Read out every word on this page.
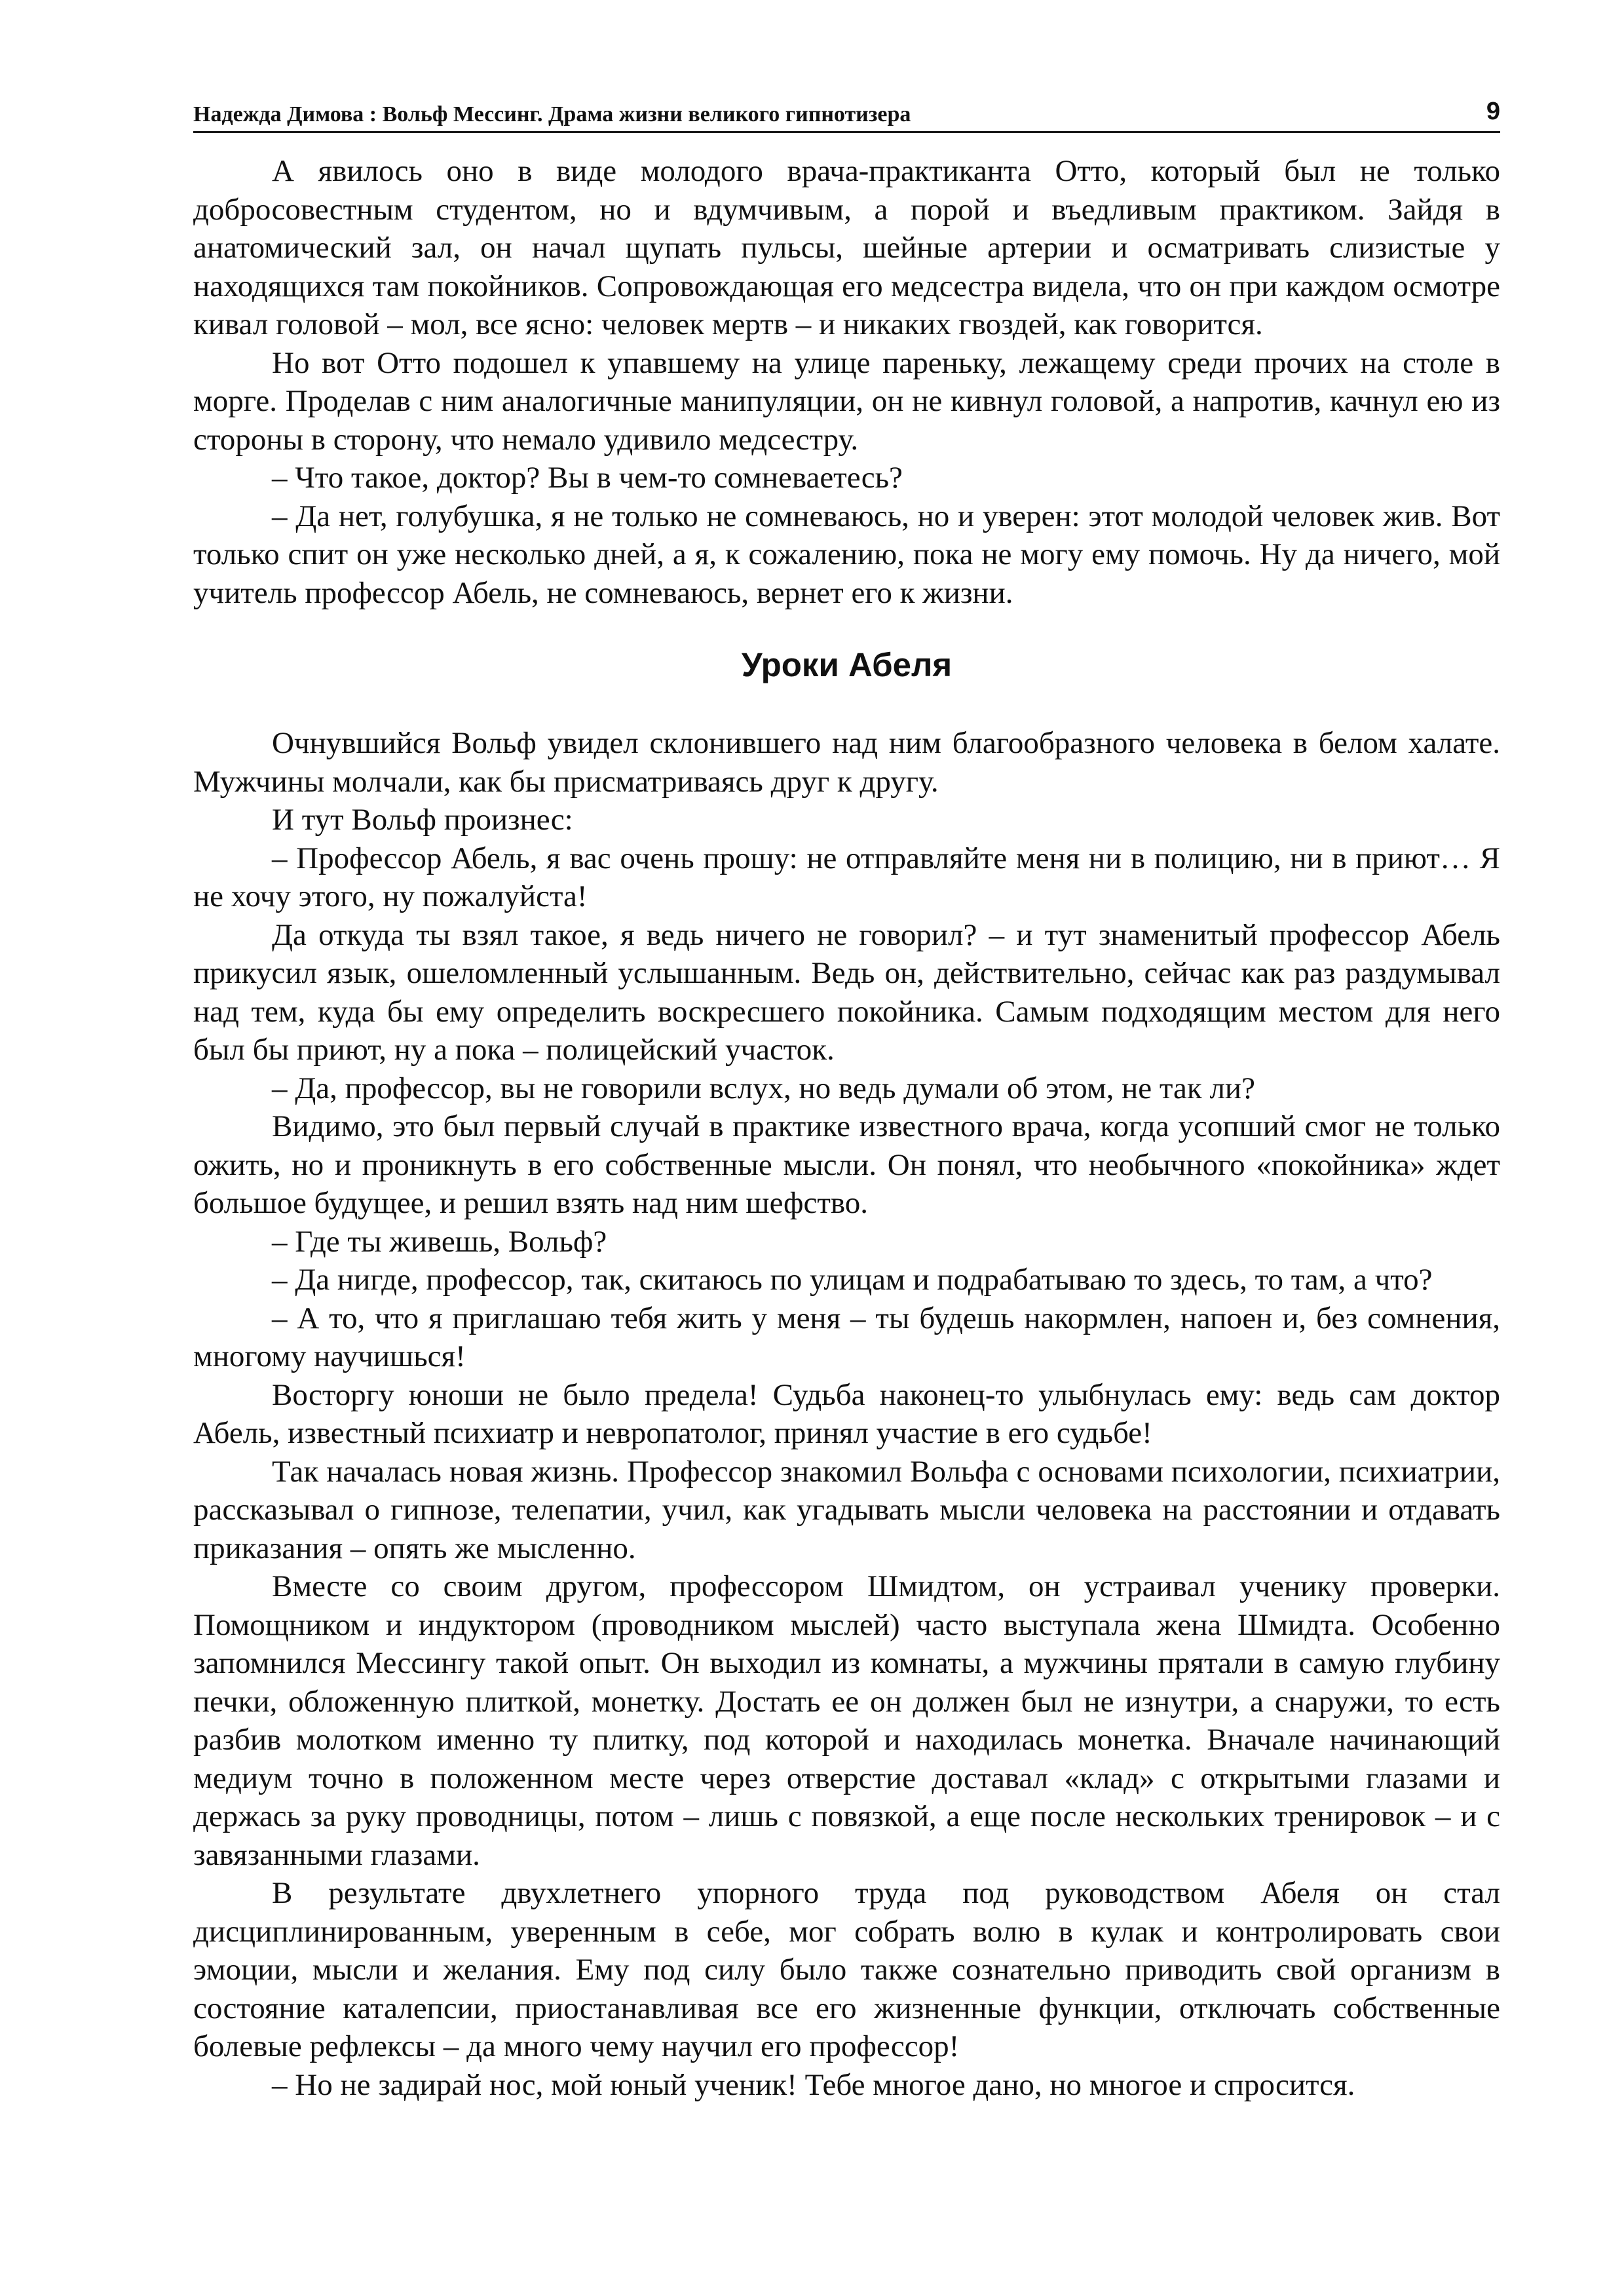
Надежда Димова : Вольф Мессинг. Драма жизни великого гипнотизера	9

А явилось оно в виде молодого врача-практиканта Отто, который был не только добросовестным студентом, но и вдумчивым, а порой и въедливым практиком. Зайдя в анатомический зал, он начал щупать пульсы, шейные артерии и осматривать слизистые у находящихся там покойников. Сопровождающая его медсестра видела, что он при каждом осмотре кивал головой – мол, все ясно: человек мертв – и никаких гвоздей, как говорится.

Но вот Отто подошел к упавшему на улице пареньку, лежащему среди прочих на столе в морге. Проделав с ним аналогичные манипуляции, он не кивнул головой, а напротив, качнул ею из стороны в сторону, что немало удивило медсестру.

– Что такое, доктор? Вы в чем-то сомневаетесь?

– Да нет, голубушка, я не только не сомневаюсь, но и уверен: этот молодой человек жив. Вот только спит он уже несколько дней, а я, к сожалению, пока не могу ему помочь. Ну да ничего, мой учитель профессор Абель, не сомневаюсь, вернет его к жизни.

Уроки Абеля

Очнувшийся Вольф увидел склонившего над ним благообразного человека в белом халате. Мужчины молчали, как бы присматриваясь друг к другу.

И тут Вольф произнес:

– Профессор Абель, я вас очень прошу: не отправляйте меня ни в полицию, ни в приют… Я не хочу этого, ну пожалуйста!

Да откуда ты взял такое, я ведь ничего не говорил? – и тут знаменитый профессор Абель прикусил язык, ошеломленный услышанным. Ведь он, действительно, сейчас как раз раздумывал над тем, куда бы ему определить воскресшего покойника. Самым подходящим местом для него был бы приют, ну а пока – полицейский участок.

– Да, профессор, вы не говорили вслух, но ведь думали об этом, не так ли?

Видимо, это был первый случай в практике известного врача, когда усопший смог не только ожить, но и проникнуть в его собственные мысли. Он понял, что необычного «покойника» ждет большое будущее, и решил взять над ним шефство.

– Где ты живешь, Вольф?

– Да нигде, профессор, так, скитаюсь по улицам и подрабатываю то здесь, то там, а что?

– А то, что я приглашаю тебя жить у меня – ты будешь накормлен, напоен и, без сомнения, многому научишься!

Восторгу юноши не было предела! Судьба наконец-то улыбнулась ему: ведь сам доктор Абель, известный психиатр и невропатолог, принял участие в его судьбе!

Так началась новая жизнь. Профессор знакомил Вольфа с основами психологии, психиатрии, рассказывал о гипнозе, телепатии, учил, как угадывать мысли человека на расстоянии и отдавать приказания – опять же мысленно.

Вместе со своим другом, профессором Шмидтом, он устраивал ученику проверки. Помощником и индуктором (проводником мыслей) часто выступала жена Шмидта. Особенно запомнился Мессингу такой опыт. Он выходил из комнаты, а мужчины прятали в самую глубину печки, обложенную плиткой, монетку. Достать ее он должен был не изнутри, а снаружи, то есть разбив молотком именно ту плитку, под которой и находилась монетка. Вначале начинающий медиум точно в положенном месте через отверстие доставал «клад» с открытыми глазами и держась за руку проводницы, потом – лишь с повязкой, а еще после нескольких тренировок – и с завязанными глазами.

В результате двухлетнего упорного труда под руководством Абеля он стал дисциплинированным, уверенным в себе, мог собрать волю в кулак и контролировать свои эмоции, мысли и желания. Ему под силу было также сознательно приводить свой организм в состояние каталепсии, приостанавливая все его жизненные функции, отключать собственные болевые рефлексы – да много чему научил его профессор!

– Но не задирай нос, мой юный ученик! Тебе многое дано, но многое и спросится.
